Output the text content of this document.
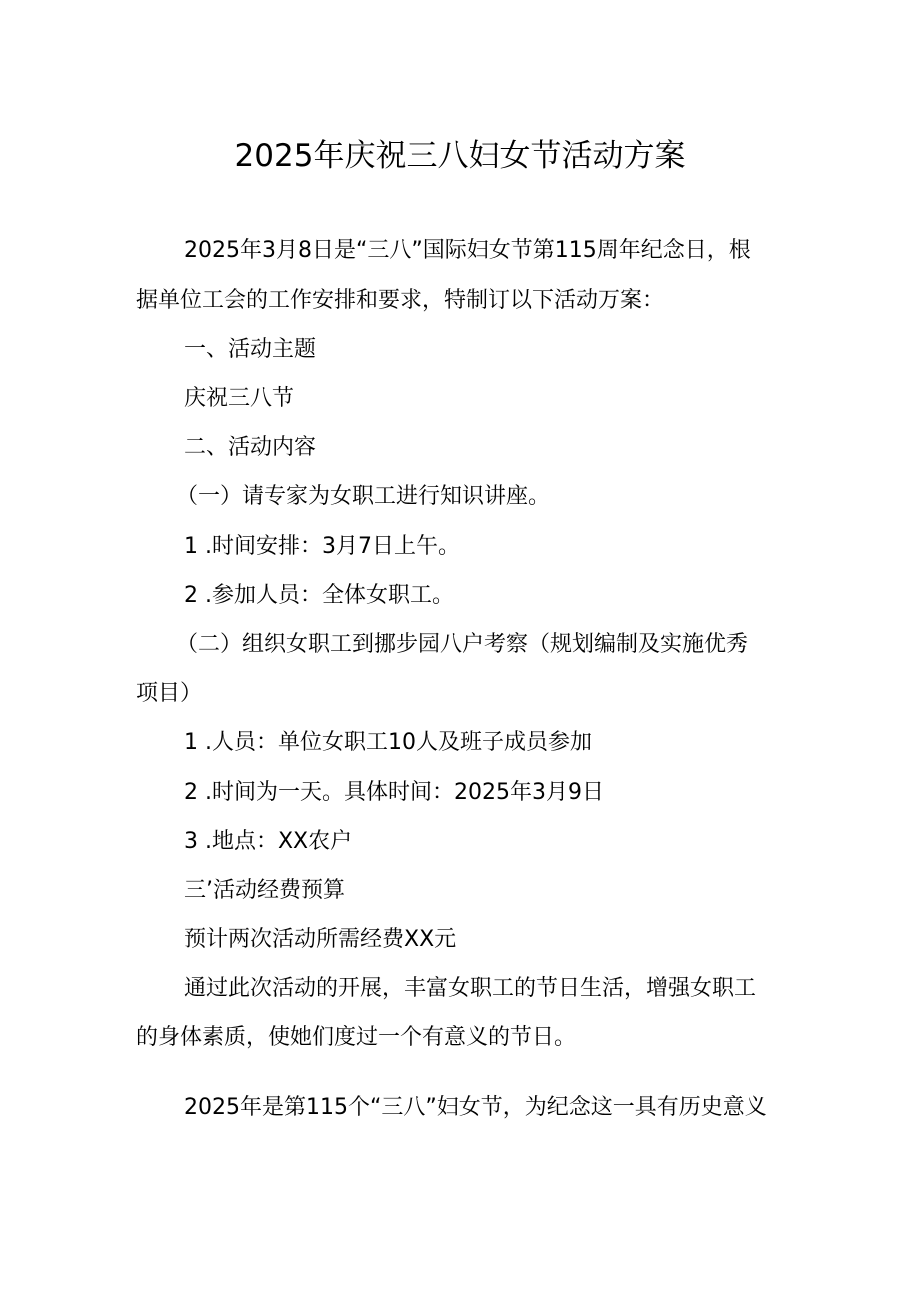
2025年庆祝三八妇女节活动方案
2025年3月8日是“三八”国际妇女节第115周年纪念日，根
据单位工会的工作安排和要求，特制订以下活动万案：
一、活动主题
庆祝三八节
二、活动内容
（一）请专家为女职工进行知识讲座。
1 .时间安排：3月7日上午。
2 .参加人员：全体女职工。
（二）组织女职工到挪步园八户考察（规划编制及实施优秀
项目）
1 .人员：单位女职工10人及班子成员参加
2 .时间为一天。具体时间：2025年3月9日
3 .地点：XX农户
三’活动经费预算
预计两次活动所需经费XX元
通过此次活动的开展，丰富女职工的节日生活，增强女职工
的身体素质，使她们度过一个有意义的节日。
2025年是第115个“三八”妇女节，为纪念这一具有历史意义
